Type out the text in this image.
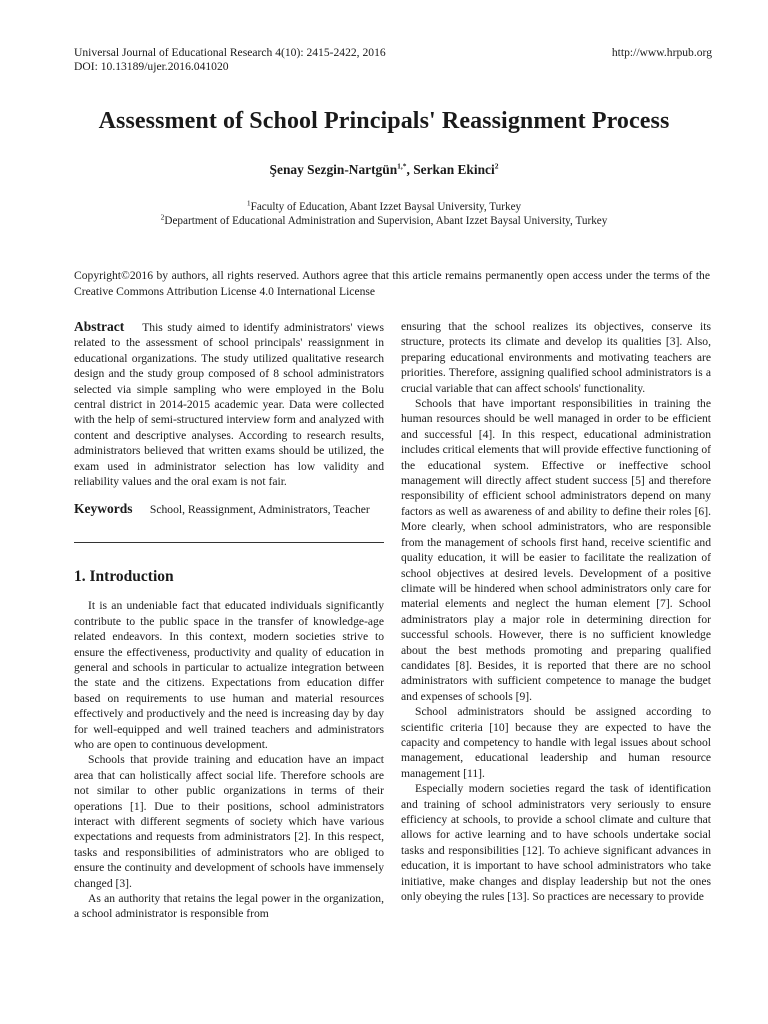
Universal Journal of Educational Research 4(10): 2415-2422, 2016
DOI: 10.13189/ujer.2016.041020
http://www.hrpub.org
Assessment of School Principals' Reassignment Process
Şenay Sezgin-Nartgün$^{1,*}$, Serkan Ekinci$^2$
$^1$Faculty of Education, Abant Izzet Baysal University, Turkey
$^2$Department of Educational Administration and Supervision, Abant Izzet Baysal University, Turkey

Copyright©2016 by authors, all rights reserved. Authors agree that this article remains permanently open access under the terms of the Creative Commons Attribution License 4.0 International License

Abstract This study aimed to identify administrators' views related to the assessment of school principals' reassignment in educational organizations. The study utilized qualitative research design and the study group composed of 8 school administrators selected via simple sampling who were employed in the Bolu central district in 2014-2015 academic year. Data were collected with the help of semi-structured interview form and analyzed with content and descriptive analyses. According to research results, administrators believed that written exams should be utilized, the exam used in administrator selection has low validity and reliability values and the oral exam is not fair.

Keywords School, Reassignment, Administrators, Teacher

1. Introduction

It is an undeniable fact that educated individuals significantly contribute to the public space in the transfer of knowledge-age related endeavors. In this context, modern societies strive to ensure the effectiveness, productivity and quality of education in general and schools in particular to actualize integration between the state and the citizens. Expectations from education differ based on requirements to use human and material resources effectively and productively and the need is increasing day by day for well-equipped and well trained teachers and administrators who are open to continuous development.

Schools that provide training and education have an impact area that can holistically affect social life. Therefore schools are not similar to other public organizations in terms of their operations [1]. Due to their positions, school administrators interact with different segments of society which have various expectations and requests from administrators [2]. In this respect, tasks and responsibilities of administrators who are obliged to ensure the continuity and development of schools have immensely changed [3].

As an authority that retains the legal power in the organization, a school administrator is responsible from

ensuring that the school realizes its objectives, conserve its structure, protects its climate and develop its qualities [3]. Also, preparing educational environments and motivating teachers are priorities. Therefore, assigning qualified school administrators is a crucial variable that can affect schools' functionality.

Schools that have important responsibilities in training the human resources should be well managed in order to be efficient and successful [4]. In this respect, educational administration includes critical elements that will provide effective functioning of the educational system. Effective or ineffective school management will directly affect student success [5] and therefore responsibility of efficient school administrators depend on many factors as well as awareness of and ability to define their roles [6]. More clearly, when school administrators, who are responsible from the management of schools first hand, receive scientific and quality education, it will be easier to facilitate the realization of school objectives at desired levels. Development of a positive climate will be hindered when school administrators only care for material elements and neglect the human element [7]. School administrators play a major role in determining direction for successful schools. However, there is no sufficient knowledge about the best methods promoting and preparing qualified candidates [8]. Besides, it is reported that there are no school administrators with sufficient competence to manage the budget and expenses of schools [9].

School administrators should be assigned according to scientific criteria [10] because they are expected to have the capacity and competency to handle with legal issues about school management, educational leadership and human resource management [11].

Especially modern societies regard the task of identification and training of school administrators very seriously to ensure efficiency at schools, to provide a school climate and culture that allows for active learning and to have schools undertake social tasks and responsibilities [12]. To achieve significant advances in education, it is important to have school administrators who take initiative, make changes and display leadership but not the ones only obeying the rules [13]. So practices are necessary to provide
